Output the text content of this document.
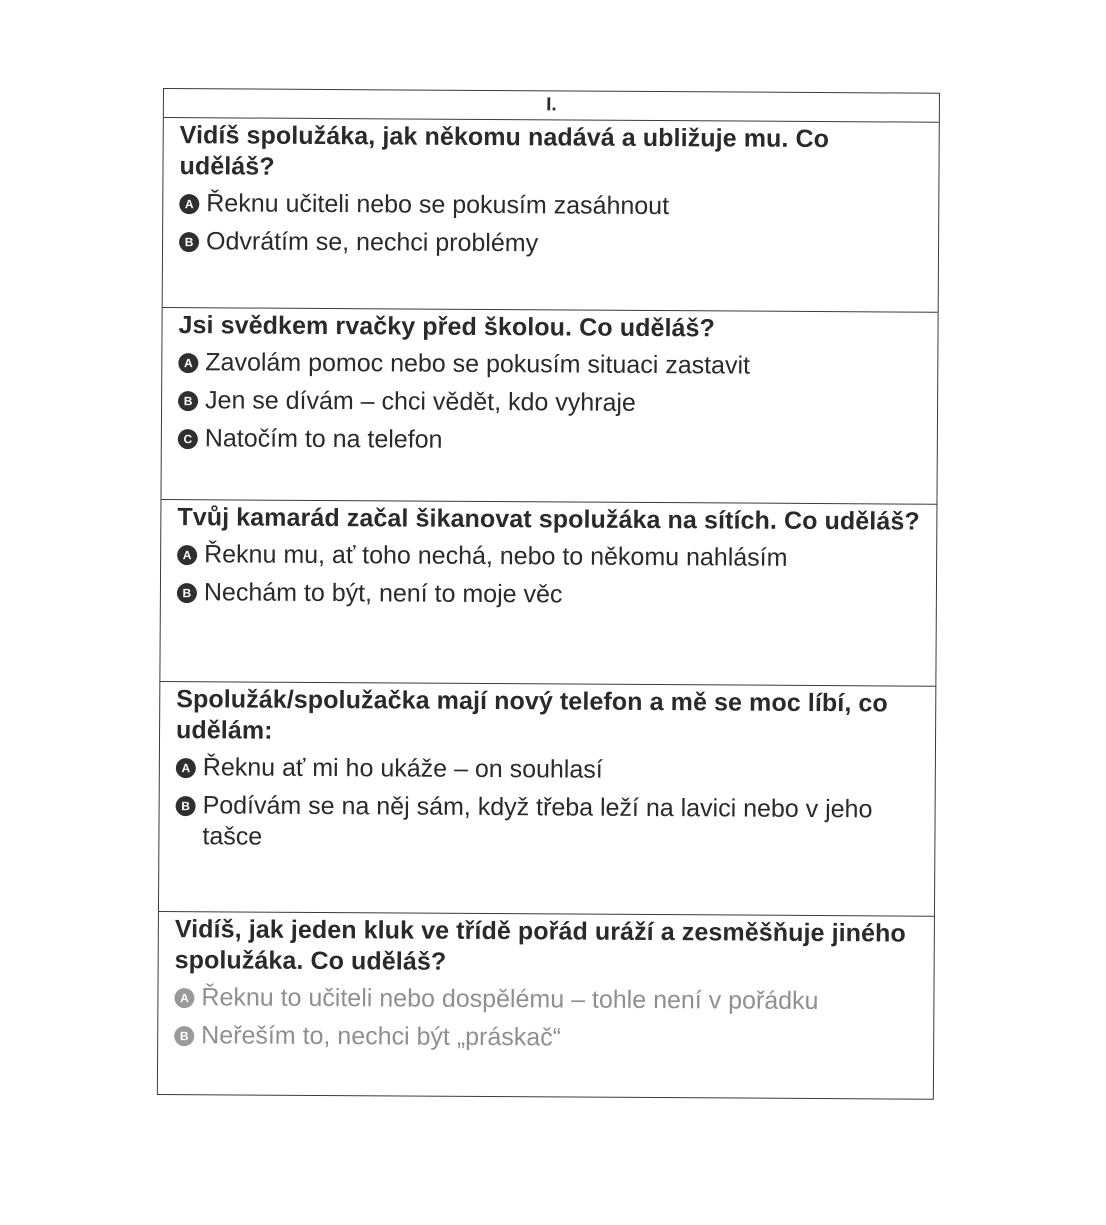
I.

Vidíš spolužáka, jak někomu nadává a ubližuje mu. Co uděláš?

A Řeknu učiteli nebo se pokusím zasáhnout
B Odvrátím se, nechci problémy

Jsi svědkem rvačky před školou. Co uděláš?

A Zavolám pomoc nebo se pokusím situaci zastavit
B Jen se dívám – chci vědět, kdo vyhraje
C Natočím to na telefon

Tvůj kamarád začal šikanovat spolužáka na sítích. Co uděláš?

A Řeknu mu, ať toho nechá, nebo to někomu nahlásím
B Nechám to být, není to moje věc

Spolužák/spolužačka mají nový telefon a mě se moc líbí, co udělám:

A Řeknu ať mi ho ukáže – on souhlasí
B Podívám se na něj sám, když třeba leží na lavici nebo v jeho tašce

Vidíš, jak jeden kluk ve třídě pořád uráží a zesměšňuje jiného spolužáka. Co uděláš?

A Řeknu to učiteli nebo dospělému – tohle není v pořádku
B Neřeším to, nechci být „práskač“
